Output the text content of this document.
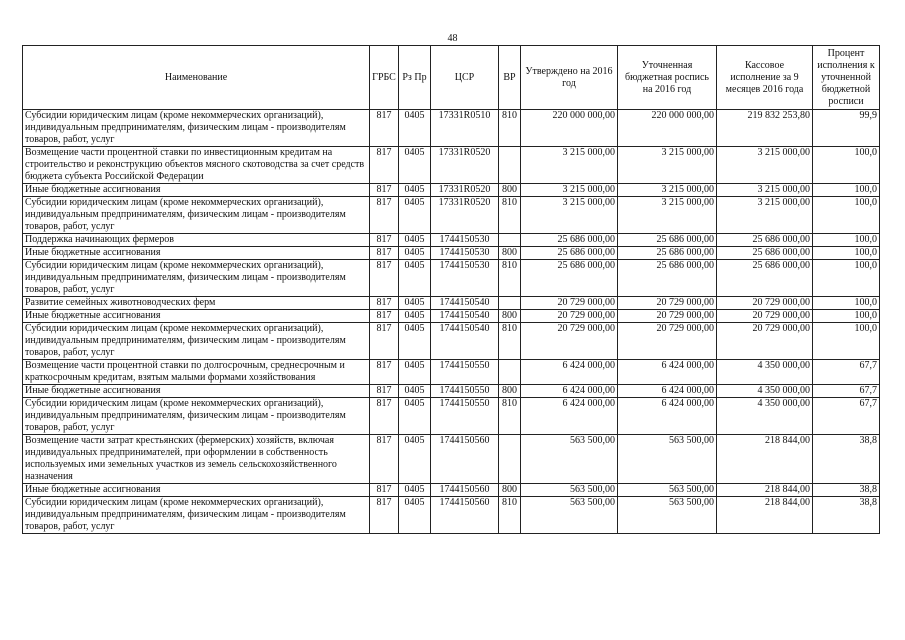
48
Наименование	ГРБС	Рз Пр	ЦСР	ВР	Утверждено на 2016 год	Уточненная бюджетная роспись на 2016 год	Кассовое исполнение за 9 месяцев 2016 года	Процент исполнения к уточненной бюджетной росписи
Субсидии юридическим лицам (кроме некоммерческих организаций), индивидуальным предпринимателям, физическим лицам - производителям товаров, работ, услуг	817	0405	17331R0510	810	220 000 000,00	220 000 000,00	219 832 253,80	99,9
Возмещение части процентной ставки по инвестиционным кредитам на строительство и реконструкцию объектов мясного скотоводства за счет средств бюджета субъекта Российской Федерации	817	0405	17331R0520		3 215 000,00	3 215 000,00	3 215 000,00	100,0
Иные бюджетные ассигнования	817	0405	17331R0520	800	3 215 000,00	3 215 000,00	3 215 000,00	100,0
Субсидии юридическим лицам (кроме некоммерческих организаций), индивидуальным предпринимателям, физическим лицам - производителям товаров, работ, услуг	817	0405	17331R0520	810	3 215 000,00	3 215 000,00	3 215 000,00	100,0
Поддержка начинающих фермеров	817	0405	1744150530		25 686 000,00	25 686 000,00	25 686 000,00	100,0
Иные бюджетные ассигнования	817	0405	1744150530	800	25 686 000,00	25 686 000,00	25 686 000,00	100,0
Субсидии юридическим лицам (кроме некоммерческих организаций), индивидуальным предпринимателям, физическим лицам - производителям товаров, работ, услуг	817	0405	1744150530	810	25 686 000,00	25 686 000,00	25 686 000,00	100,0
Развитие семейных животноводческих ферм	817	0405	1744150540		20 729 000,00	20 729 000,00	20 729 000,00	100,0
Иные бюджетные ассигнования	817	0405	1744150540	800	20 729 000,00	20 729 000,00	20 729 000,00	100,0
Субсидии юридическим лицам (кроме некоммерческих организаций), индивидуальным предпринимателям, физическим лицам - производителям товаров, работ, услуг	817	0405	1744150540	810	20 729 000,00	20 729 000,00	20 729 000,00	100,0
Возмещение части процентной ставки по долгосрочным, среднесрочным и краткосрочным кредитам, взятым малыми формами хозяйствования	817	0405	1744150550		6 424 000,00	6 424 000,00	4 350 000,00	67,7
Иные бюджетные ассигнования	817	0405	1744150550	800	6 424 000,00	6 424 000,00	4 350 000,00	67,7
Субсидии юридическим лицам (кроме некоммерческих организаций), индивидуальным предпринимателям, физическим лицам - производителям товаров, работ, услуг	817	0405	1744150550	810	6 424 000,00	6 424 000,00	4 350 000,00	67,7
Возмещение части затрат крестьянских (фермерских) хозяйств, включая индивидуальных предпринимателей, при оформлении в собственность используемых ими земельных участков из земель сельскохозяйственного назначения	817	0405	1744150560		563 500,00	563 500,00	218 844,00	38,8
Иные бюджетные ассигнования	817	0405	1744150560	800	563 500,00	563 500,00	218 844,00	38,8
Субсидии юридическим лицам (кроме некоммерческих организаций), индивидуальным предпринимателям, физическим лицам - производителям товаров, работ, услуг	817	0405	1744150560	810	563 500,00	563 500,00	218 844,00	38,8
